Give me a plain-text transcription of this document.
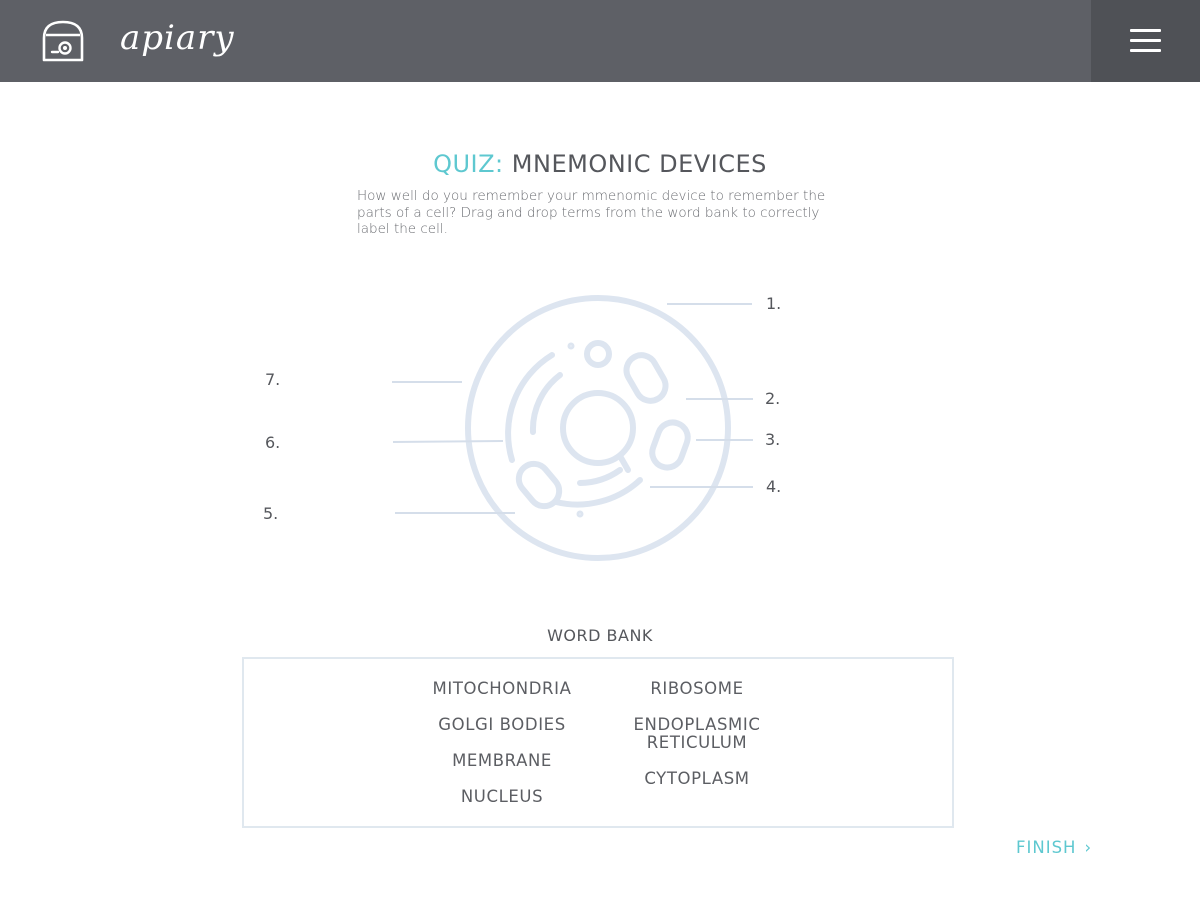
apiary
QUIZ: MNEMONIC DEVICES
How well do you remember your mmenomic device to remember the
parts of a cell? Drag and drop terms from the word bank to correctly
label the cell.
1.
2.
3.
4.
5.
6.
7.
WORD BANK
MITOCHONDRIA
GOLGI BODIES
MEMBRANE
NUCLEUS
RIBOSOME
ENDOPLASMIC
RETICULUM
CYTOPLASM
FINISH ›
